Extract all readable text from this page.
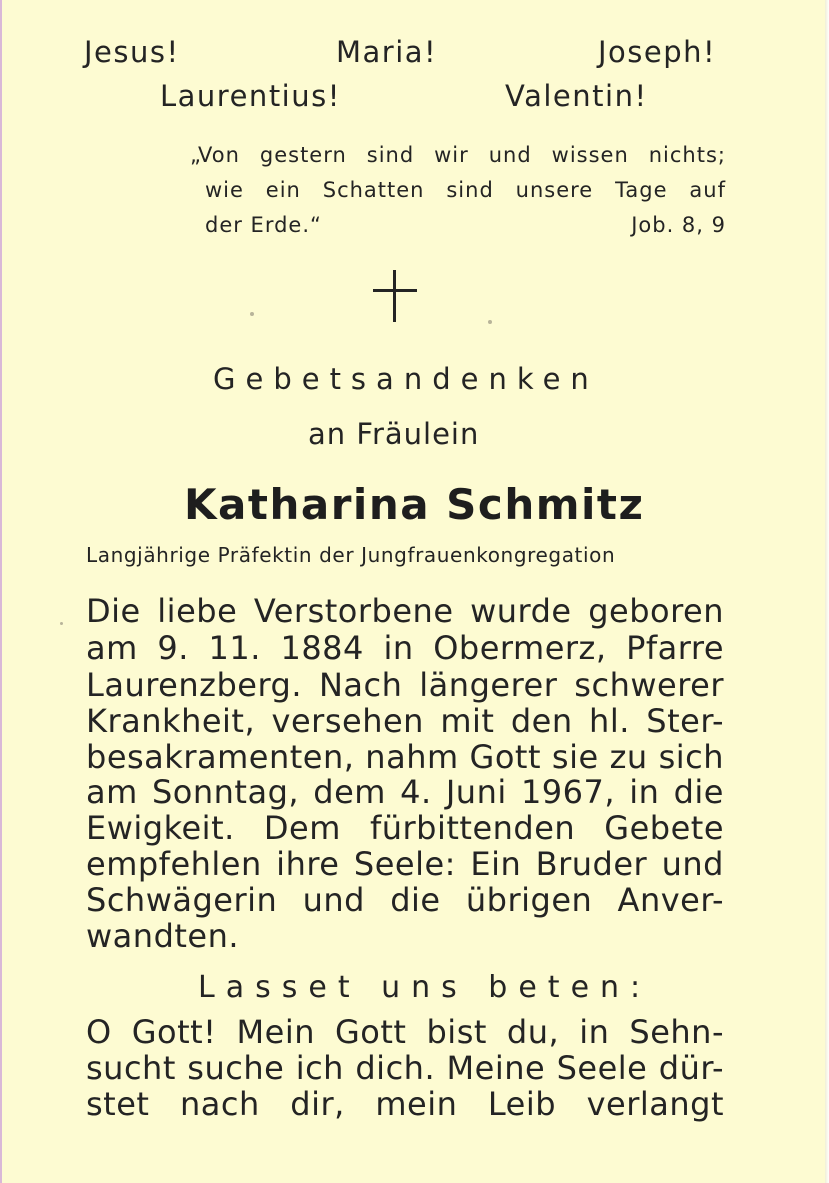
Jesus!	Maria!	Joseph!
Laurentius!	Valentin!
„Von gestern sind wir und wissen nichts;
wie ein Schatten sind unsere Tage auf
der Erde.“	Job. 8, 9
Gebetsandenken
an Fräulein
Katharina Schmitz
Langjährige Präfektin der Jungfrauenkongregation
Die liebe Verstorbene wurde geboren
am 9. 11. 1884 in Obermerz, Pfarre
Laurenzberg. Nach längerer schwerer
Krankheit, versehen mit den hl. Ster-
besakramenten, nahm Gott sie zu sich
am Sonntag, dem 4. Juni 1967, in die
Ewigkeit. Dem fürbittenden Gebete
empfehlen ihre Seele: Ein Bruder und
Schwägerin und die übrigen Anver-
wandten.
Lasset uns beten:
O Gott! Mein Gott bist du, in Sehn-
sucht suche ich dich. Meine Seele dür-
stet nach dir, mein Leib verlangt
